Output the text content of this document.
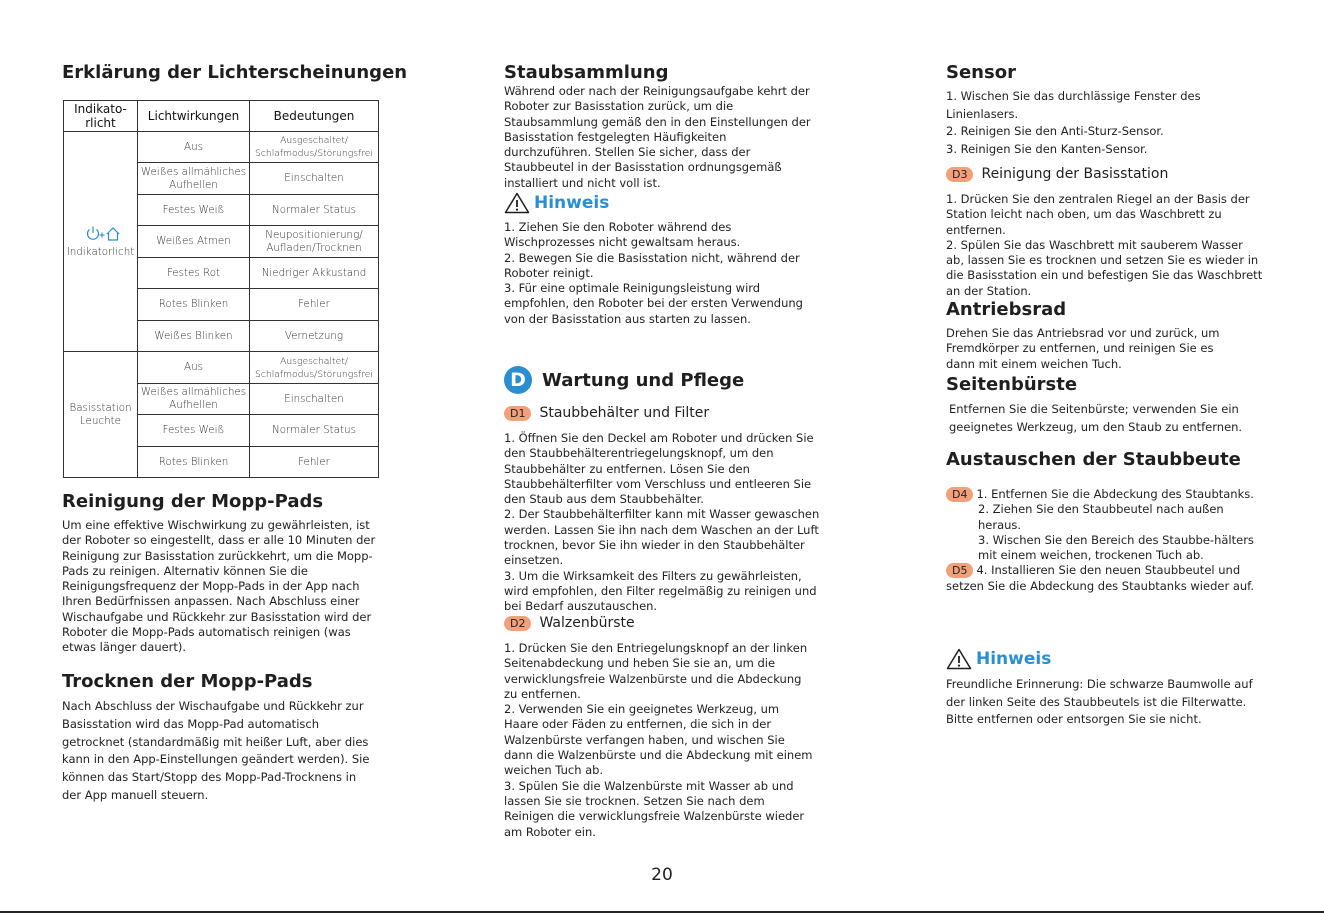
Erklärung der Lichterscheinungen
Indikato-rlicht	Lichtwirkungen	Bedeutungen

Indikatorlicht	Aus	Ausgeschaltet/ Schlafmodus/Störungsfrei
	Weißes allmähliches Aufhellen	Einschalten
	Festes Weiß	Normaler Status
	Weißes Atmen	Neupositionierung/ Aufladen/Trocknen
	Festes Rot	Niedriger Akkustand
	Rotes Blinken	Fehler
	Weißes Blinken	Vernetzung
Basisstation Leuchte	Aus	Ausgeschaltet/ Schlafmodus/Störungsfrei
	Weißes allmähliches Aufhellen	Einschalten
	Festes Weiß	Normaler Status
	Rotes Blinken	Fehler
Reinigung der Mopp-Pads

Um eine effektive Wischwirkung zu gewährleisten, ist der Roboter so eingestellt, dass er alle 10 Minuten der Reinigung zur Basisstation zurückkehrt, um die Mopp-Pads zu reinigen. Alternativ können Sie die Reinigungsfrequenz der Mopp-Pads in der App nach Ihren Bedürfnissen anpassen. Nach Abschluss einer Wischaufgabe und Rückkehr zur Basisstation wird der Roboter die Mopp-Pads automatisch reinigen (was etwas länger dauert).

Trocknen der Mopp-Pads

Nach Abschluss der Wischaufgabe und Rückkehr zur Basisstation wird das Mopp-Pad automatisch getrocknet (standardmäßig mit heißer Luft, aber dies kann in den App-Einstellungen geändert werden). Sie können das Start/Stopp des Mopp-Pad-Trocknens in der App manuell steuern.

Staubsammlung

Während oder nach der Reinigungsaufgabe kehrt der Roboter zur Basisstation zurück, um die Staubsammlung gemäß den in den Einstellungen der Basisstation festgelegten Häufigkeiten durchzuführen. Stellen Sie sicher, dass der Staubbeutel in der Basisstation ordnungsgemäß installiert und nicht voll ist.

Hinweis

1. Ziehen Sie den Roboter während des Wischprozesses nicht gewaltsam heraus.

2. Bewegen Sie die Basisstation nicht, während der Roboter reinigt.

3. Für eine optimale Reinigungsleistung wird empfohlen, den Roboter bei der ersten Verwendung von der Basisstation aus starten zu lassen.

D Wartung und Pflege
D1	Staubbehälter und Filter

1. Öffnen Sie den Deckel am Roboter und drücken Sie den Staubbehälterentriegelungsknopf, um den Staubbehälter zu entfernen. Lösen Sie den Staubbehälterfilter vom Verschluss und entleeren Sie den Staub aus dem Staubbehälter.

2. Der Staubbehälterfilter kann mit Wasser gewaschen werden. Lassen Sie ihn nach dem Waschen an der Luft trocknen, bevor Sie ihn wieder in den Staubbehälter einsetzen.

3. Um die Wirksamkeit des Filters zu gewährleisten, wird empfohlen, den Filter regelmäßig zu reinigen und bei Bedarf auszutauschen.

D2	Walzenbürste

1. Drücken Sie den Entriegelungsknopf an der linken Seitenabdeckung und heben Sie sie an, um die verwicklungsfreie Walzenbürste und die Abdeckung zu entfernen.

2. Verwenden Sie ein geeignetes Werkzeug, um Haare oder Fäden zu entfernen, die sich in der Walzenbürste verfangen haben, und wischen Sie dann die Walzenbürste und die Abdeckung mit einem weichen Tuch ab.

3. Spülen Sie die Walzenbürste mit Wasser ab und lassen Sie sie trocknen. Setzen Sie nach dem Reinigen die verwicklungsfreie Walzenbürste wieder am Roboter ein.

Sensor

1. Wischen Sie das durchlässige Fenster des Linienlasers.

2. Reinigen Sie den Anti-Sturz-Sensor.

3. Reinigen Sie den Kanten-Sensor.

D3	Reinigung der Basisstation

1. Drücken Sie den zentralen Riegel an der Basis der Station leicht nach oben, um das Waschbrett zu entfernen.

2. Spülen Sie das Waschbrett mit sauberem Wasser ab, lassen Sie es trocknen und setzen Sie es wieder in die Basisstation ein und befestigen Sie das Waschbrett an der Station.

Antriebsrad

Drehen Sie das Antriebsrad vor und zurück, um Fremdkörper zu entfernen, und reinigen Sie es dann mit einem weichen Tuch.

Seitenbürste

Entfernen Sie die Seitenbürste; verwenden Sie ein geeignetes Werkzeug, um den Staub zu entfernen.

Austauschen der Staubbeute

D4 1. Entfernen Sie die Abdeckung des Staubtanks.

2. Ziehen Sie den Staubbeutel nach außen heraus.

3. Wischen Sie den Bereich des Staubbe-hälters mit einem weichen, trockenen Tuch ab.

D5 4. Installieren Sie den neuen Staubbeutel und setzen Sie die Abdeckung des Staubtanks wieder auf.

Hinweis

Freundliche Erinnerung: Die schwarze Baumwolle auf der linken Seite des Staubbeutels ist die Filterwatte. Bitte entfernen oder entsorgen Sie sie nicht.

20
